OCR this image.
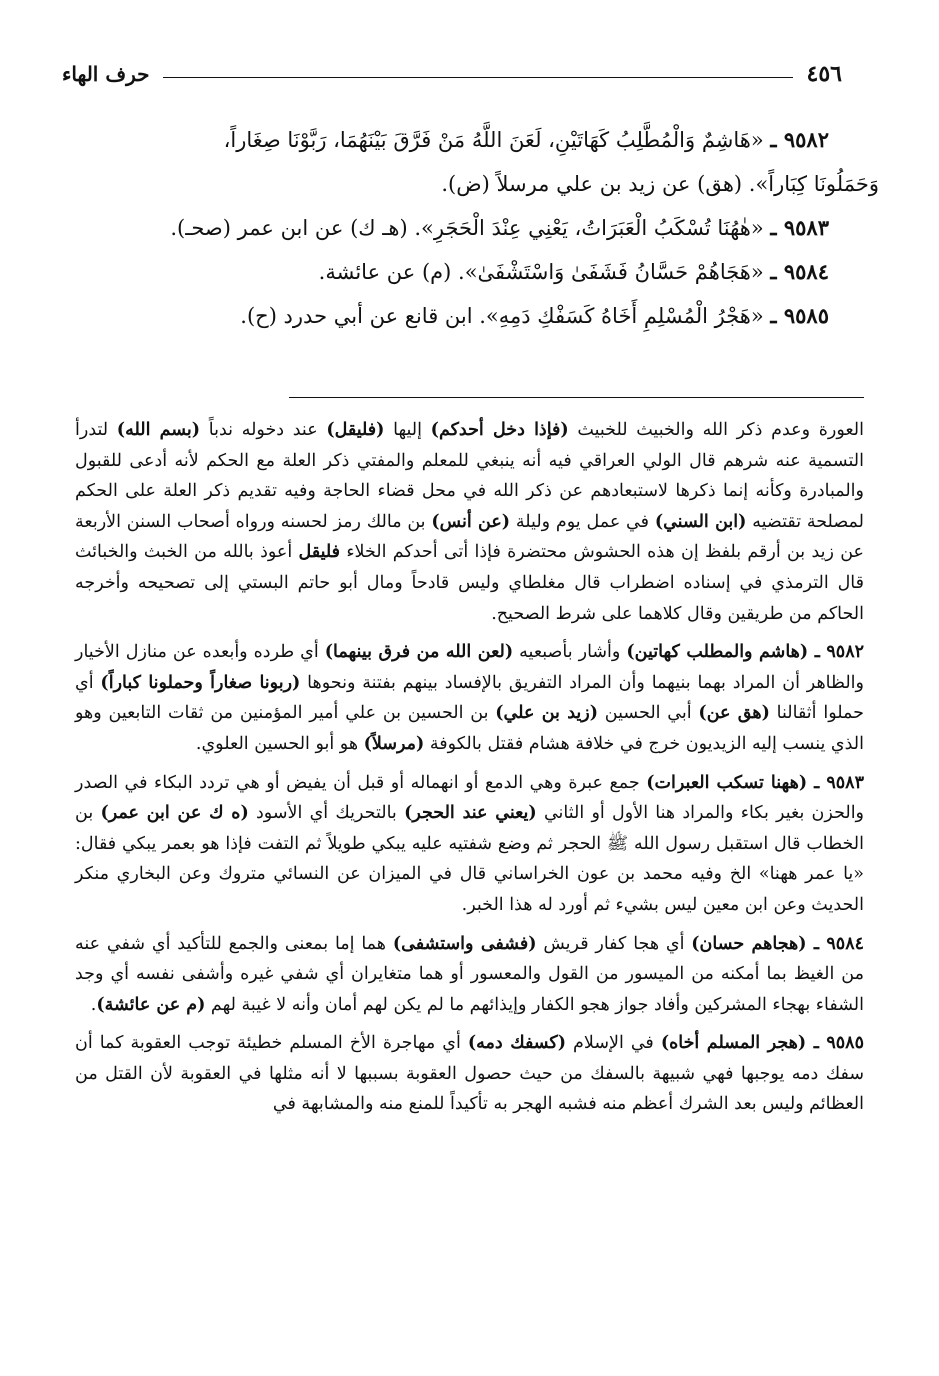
٤٥٦
حرف الهاء

٩٥٨٢ ـ «هَاشِمٌ وَالْمُطَّلِبُ كَهَاتَيْنِ، لَعَنَ اللَّهُ مَنْ فَرَّقَ بَيْنَهُمَا، رَبَّوْنَا صِغَاراً،
وَحَمَلُونَا كِبَاراً». (هق) عن زيد بن علي مرسلاً (ض).

٩٥٨٣ ـ «هٰهُنَا تُسْكَبُ الْعَبَرَاتُ، يَعْنِي عِنْدَ الْحَجَرِ». (هـ ك) عن ابن عمر (صحـ).

٩٥٨٤ ـ «هَجَاهُمْ حَسَّانُ فَشَفَىٰ وَاسْتَشْفَىٰ». (م) عن عائشة.

٩٥٨٥ ـ «هَجْرُ الْمُسْلِمِ أَخَاهُ كَسَفْكِ دَمِهِ». ابن قانع عن أبي حدرد (ح).

العورة وعدم ذكر الله والخبيث للخبيث (فإذا دخل أحدكم) إليها (فليقل) عند دخوله ندباً (بسم الله) لتدرأ التسمية عنه شرهم قال الولي العراقي فيه أنه ينبغي للمعلم والمفتي ذكر العلة مع الحكم لأنه أدعى للقبول والمبادرة وكأنه إنما ذكرها لاستبعادهم عن ذكر الله في محل قضاء الحاجة وفيه تقديم ذكر العلة على الحكم لمصلحة تقتضيه (ابن السني) في عمل يوم وليلة (عن أنس) بن مالك رمز لحسنه ورواه أصحاب السنن الأربعة عن زيد بن أرقم بلفظ إن هذه الحشوش محتضرة فإذا أتى أحدكم الخلاء فليقل أعوذ بالله من الخبث والخبائث قال الترمذي في إسناده اضطراب قال مغلطاي وليس قادحاً ومال أبو حاتم البستي إلى تصحيحه وأخرجه الحاكم من طريقين وقال كلاهما على شرط الصحيح.

٩٥٨٢ ـ (هاشم والمطلب كهاتين) وأشار بأصبعيه (لعن الله من فرق بينهما) أي طرده وأبعده عن منازل الأخيار والظاهر أن المراد بهما بنيهما وأن المراد التفريق بالإفساد بينهم بفتنة ونحوها (ربونا صغاراً وحملونا كباراً) أي حملوا أثقالنا (هق عن) أبي الحسين (زيد بن علي) بن الحسين بن علي أمير المؤمنين من ثقات التابعين وهو الذي ينسب إليه الزيديون خرج في خلافة هشام فقتل بالكوفة (مرسلاً) هو أبو الحسين العلوي.

٩٥٨٣ ـ (ههنا تسكب العبرات) جمع عبرة وهي الدمع أو انهماله أو قبل أن يفيض أو هي تردد البكاء في الصدر والحزن بغير بكاء والمراد هنا الأول أو الثاني (يعني عند الحجر) بالتحريك أي الأسود (ه ك عن ابن عمر) بن الخطاب قال استقبل رسول الله ﷺ الحجر ثم وضع شفتيه عليه يبكي طويلاً ثم التفت فإذا هو بعمر يبكي فقال: «يا عمر ههنا» الخ وفيه محمد بن عون الخراساني قال في الميزان عن النسائي متروك وعن البخاري منكر الحديث وعن ابن معين ليس بشيء ثم أورد له هذا الخبر.

٩٥٨٤ ـ (هجاهم حسان) أي هجا كفار قريش (فشفى واستشفى) هما إما بمعنى والجمع للتأكيد أي شفي عنه من الغيظ بما أمكنه من الميسور من القول والمعسور أو هما متغايران أي شفي غيره وأشفى نفسه أي وجد الشفاء بهجاء المشركين وأفاد جواز هجو الكفار وإيذائهم ما لم يكن لهم أمان وأنه لا غيبة لهم (م عن عائشة).

٩٥٨٥ ـ (هجر المسلم أخاه) في الإسلام (كسفك دمه) أي مهاجرة الأخ المسلم خطيئة توجب العقوبة كما أن سفك دمه يوجبها فهي شبيهة بالسفك من حيث حصول العقوبة بسببها لا أنه مثلها في العقوبة لأن القتل من العظائم وليس بعد الشرك أعظم منه فشبه الهجر به تأكيداً للمنع منه والمشابهة في
